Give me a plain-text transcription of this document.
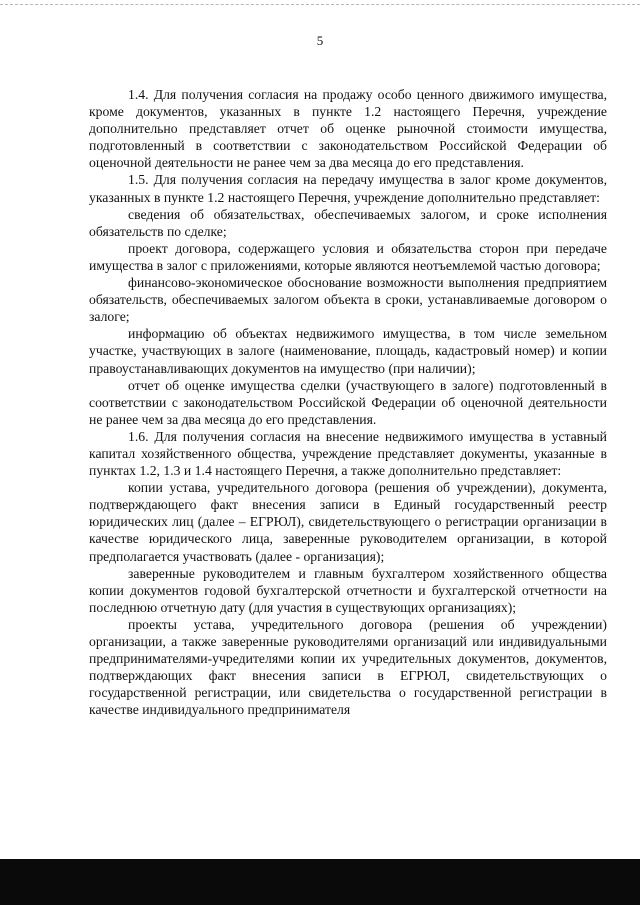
5

1.4. Для получения согласия на продажу особо ценного движимого имущества, кроме документов, указанных в пункте 1.2 настоящего Перечня, учреждение дополнительно представляет отчет об оценке рыночной стоимости имущества, подготовленный в соответствии с законодательством Российской Федерации об оценочной деятельности не ранее чем за два месяца до его представления.

1.5. Для получения согласия на передачу имущества в залог кроме документов, указанных в пункте 1.2 настоящего Перечня, учреждение дополнительно представляет:

сведения об обязательствах, обеспечиваемых залогом, и сроке исполнения обязательств по сделке;

проект договора, содержащего условия и обязательства сторон при передаче имущества в залог с приложениями, которые являются неотъемлемой частью договора;

финансово-экономическое обоснование возможности выполнения предприятием обязательств, обеспечиваемых залогом объекта в сроки, устанавливаемые договором о залоге;

информацию об объектах недвижимого имущества, в том числе земельном участке, участвующих в залоге (наименование, площадь, кадастровый номер) и копии правоустанавливающих документов на имущество (при наличии);

отчет об оценке имущества сделки (участвующего в залоге) подготовленный в соответствии с законодательством Российской Федерации об оценочной деятельности не ранее чем за два месяца до его представления.

1.6. Для получения согласия на внесение недвижимого имущества в уставный капитал хозяйственного общества, учреждение представляет документы, указанные в пунктах 1.2, 1.3 и 1.4 настоящего Перечня, а также дополнительно представляет:

копии устава, учредительного договора (решения об учреждении), документа, подтверждающего факт внесения записи в Единый государственный реестр юридических лиц (далее – ЕГРЮЛ), свидетельствующего о регистрации организации в качестве юридического лица, заверенные руководителем организации, в которой предполагается участвовать (далее - организация);

заверенные руководителем и главным бухгалтером хозяйственного общества копии документов годовой бухгалтерской отчетности и бухгалтерской отчетности на последнюю отчетную дату (для участия в существующих организациях);

проекты устава, учредительного договора (решения об учреждении) организации, а также заверенные руководителями организаций или индивидуальными предпринимателями-учредителями копии их учредительных документов, документов, подтверждающих факт внесения записи в ЕГРЮЛ, свидетельствующих о государственной регистрации, или свидетельства о государственной регистрации в качестве индивидуального предпринимателя
